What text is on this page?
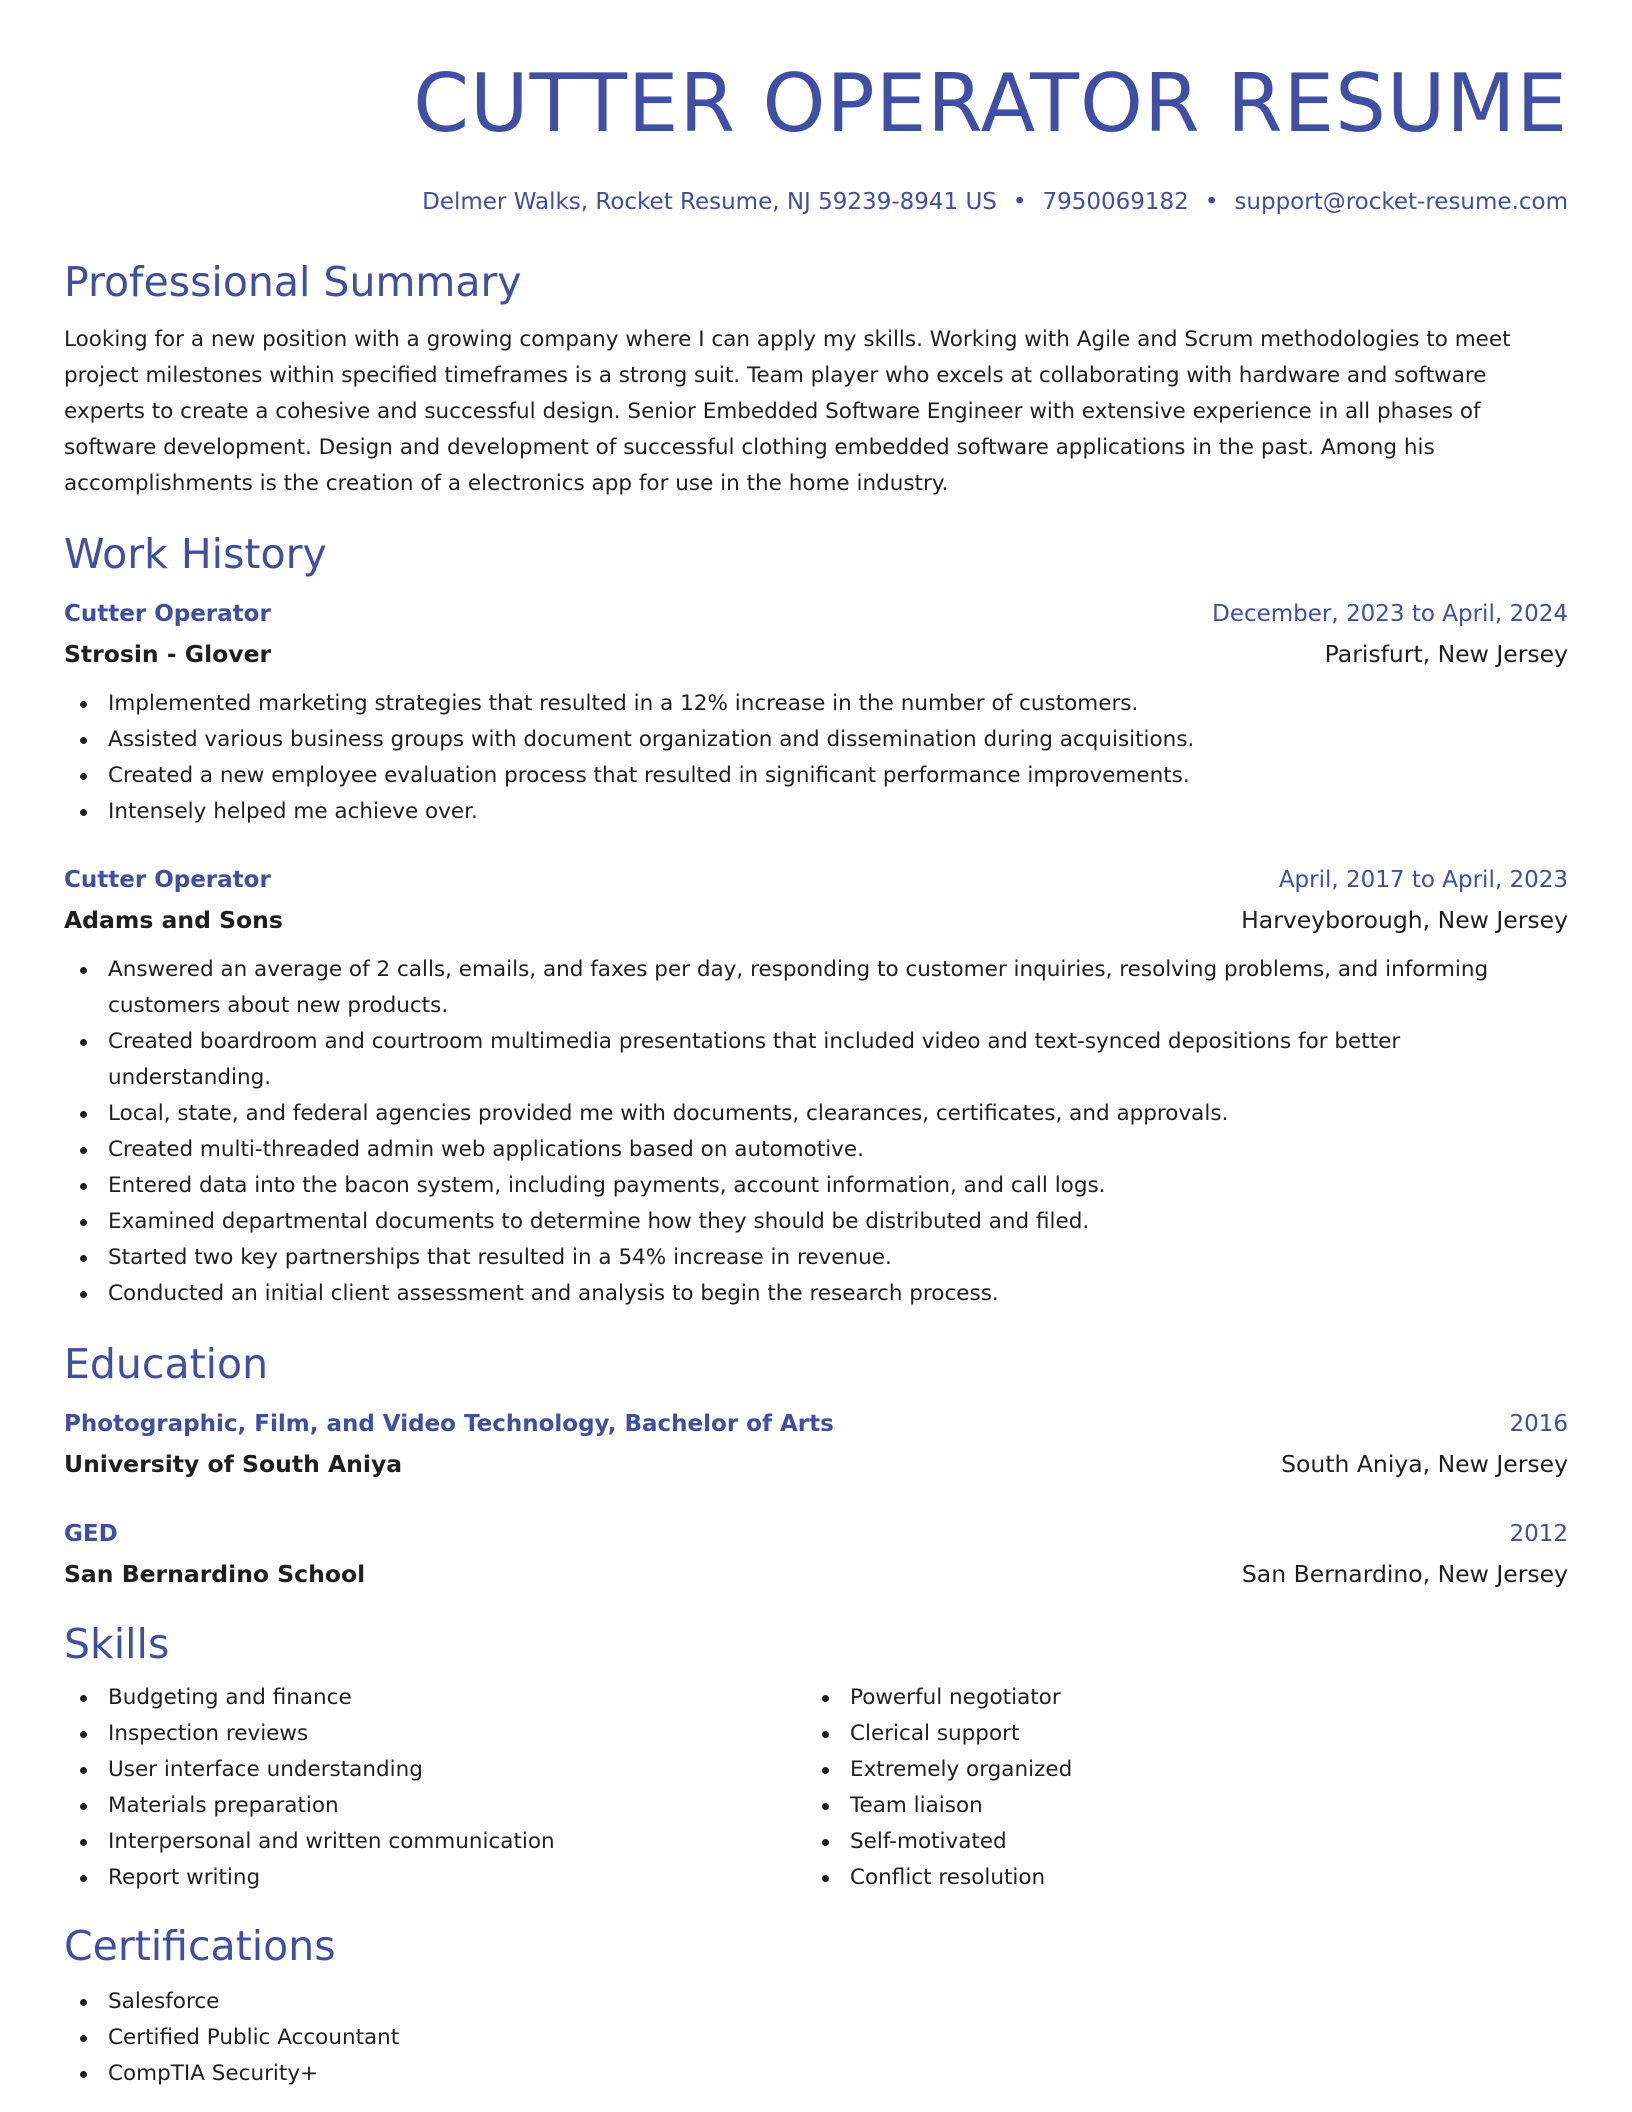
CUTTER OPERATOR RESUME
Delmer Walks, Rocket Resume, NJ 59239-8941 US • 7950069182 • support@rocket-resume.com
Professional Summary

Looking for a new position with a growing company where I can apply my skills. Working with Agile and Scrum methodologies to meet project milestones within specified timeframes is a strong suit. Team player who excels at collaborating with hardware and software experts to create a cohesive and successful design. Senior Embedded Software Engineer with extensive experience in all phases of software development. Design and development of successful clothing embedded software applications in the past. Among his accomplishments is the creation of a electronics app for use in the home industry.

Work History
Cutter Operator	December, 2023 to April, 2024
Strosin - Glover	Parisfurt, New Jersey
Implemented marketing strategies that resulted in a 12% increase in the number of customers.
Assisted various business groups with document organization and dissemination during acquisitions.
Created a new employee evaluation process that resulted in significant performance improvements.
Intensely helped me achieve over.
Cutter Operator	April, 2017 to April, 2023
Adams and Sons	Harveyborough, New Jersey
Answered an average of 2 calls, emails, and faxes per day, responding to customer inquiries, resolving problems, and informing customers about new products.
Created boardroom and courtroom multimedia presentations that included video and text-synced depositions for better understanding.
Local, state, and federal agencies provided me with documents, clearances, certificates, and approvals.
Created multi-threaded admin web applications based on automotive.
Entered data into the bacon system, including payments, account information, and call logs.
Examined departmental documents to determine how they should be distributed and filed.
Started two key partnerships that resulted in a 54% increase in revenue.
Conducted an initial client assessment and analysis to begin the research process.
Education
Photographic, Film, and Video Technology, Bachelor of Arts	2016
University of South Aniya	South Aniya, New Jersey
GED	2012
San Bernardino School	San Bernardino, New Jersey
Skills
Budgeting and finance
Inspection reviews
User interface understanding
Materials preparation
Interpersonal and written communication
Report writing
Powerful negotiator
Clerical support
Extremely organized
Team liaison
Self-motivated
Conflict resolution
Certifications
Salesforce
Certified Public Accountant
CompTIA Security+
